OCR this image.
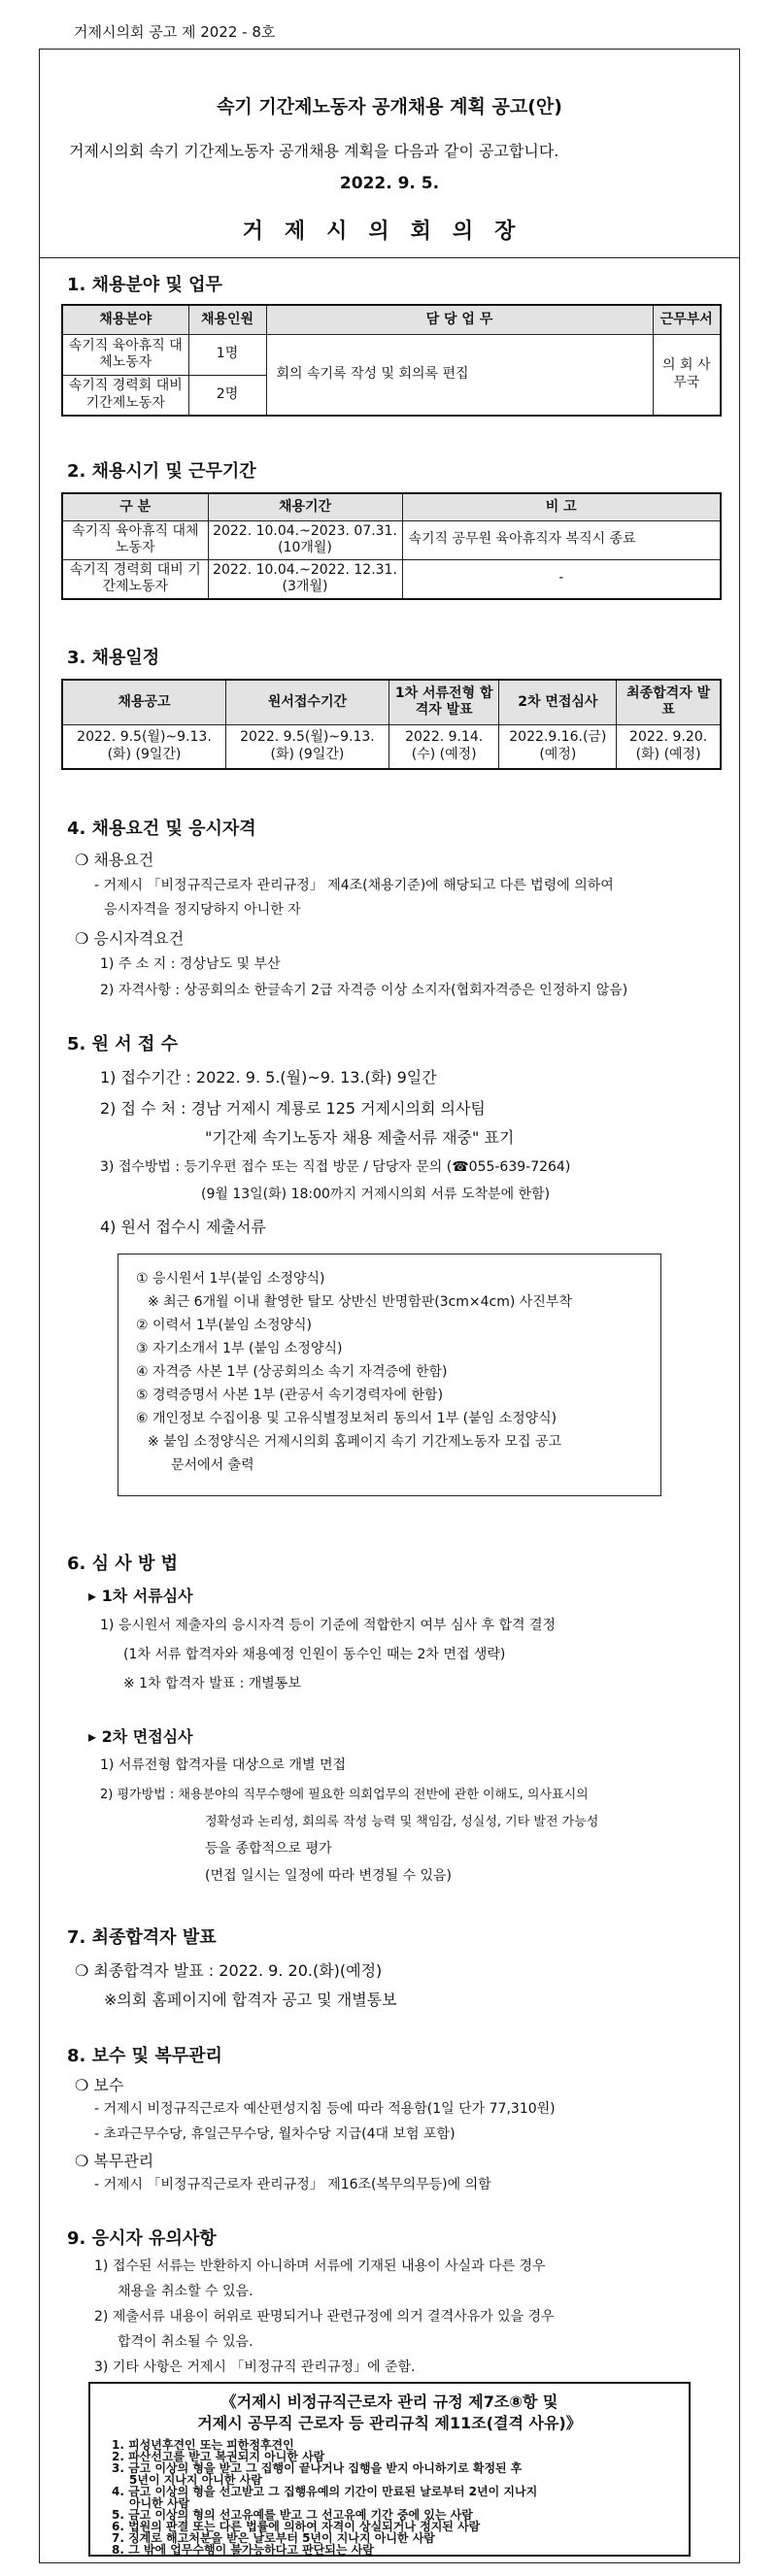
거제시의회 공고 제 2022 - 8호
속기 기간제노동자 공개채용 계획 공고(안)
거제시의회 속기 기간제노동자 공개채용 계획을 다음과 같이 공고합니다.
2022. 9. 5.
거제시의회의장
1. 채용분야 및 업무
채용분야	채용인원	담 당 업 무	근무부서
속기직 육아휴직 대체노동자	1명	회의 속기록 작성 및 회의록 편집	의 회 사무국
속기직 경력회 대비 기간제노동자	2명		
2. 채용시기 및 근무기간
구 분	채용기간	비 고
속기직 육아휴직 대체노동자	2022. 10.04.~2023. 07.31. (10개월)	속기직 공무원 육아휴직자 복직시 종료
속기직 경력회 대비 기간제노동자	2022. 10.04.~2022. 12.31. (3개월)	-
3. 채용일정
채용공고	원서접수기간	1차 서류전형 합격자 발표	2차 면접심사	최종합격자 발표
2022. 9.5(월)~9.13.(화) (9일간)	2022. 9.5(월)~9.13.(화) (9일간)	2022. 9.14.(수) (예정)	2022.9.16.(금) (예정)	2022. 9.20.(화) (예정)
4. 채용요건 및 응시자격
❍ 채용요건
- 거제시 「비정규직근로자 관리규정」 제4조(채용기준)에 해당되고 다른 법령에 의하여
응시자격을 정지당하지 아니한 자
❍ 응시자격요건
1) 주 소 지 : 경상남도 및 부산
2) 자격사항 : 상공회의소 한글속기 2급 자격증 이상 소지자(협회자격증은 인정하지 않음)
5. 원 서 접 수
1) 접수기간 : 2022. 9. 5.(월)~9. 13.(화) 9일간
2) 접 수 처 : 경남 거제시 계룡로 125 거제시의회 의사팀
"기간제 속기노동자 채용 제출서류 재중" 표기
3) 접수방법 : 등기우편 접수 또는 직접 방문 / 담당자 문의 (☎055-639-7264)
(9월 13일(화) 18:00까지 거제시의회 서류 도착분에 한함)
4) 원서 접수시 제출서류
① 응시원서 1부(붙임 소정양식)
※ 최근 6개월 이내 촬영한 탈모 상반신 반명함판(3cm×4cm) 사진부착
② 이력서 1부(붙임 소정양식)
③ 자기소개서 1부 (붙임 소정양식)
④ 자격증 사본 1부 (상공회의소 속기 자격증에 한함)
⑤ 경력증명서 사본 1부 (관공서 속기경력자에 한함)
⑥ 개인정보 수집이용 및 고유식별정보처리 동의서 1부 (붙임 소정양식)
※ 붙임 소정양식은 거제시의회 홈페이지 속기 기간제노동자 모집 공고
문서에서 출력
6. 심 사 방 법
▸ 1차 서류심사
1) 응시원서 제출자의 응시자격 등이 기준에 적합한지 여부 심사 후 합격 결정
(1차 서류 합격자와 채용예정 인원이 동수인 때는 2차 면접 생략)
※ 1차 합격자 발표 : 개별통보
▸ 2차 면접심사
1) 서류전형 합격자를 대상으로 개별 면접
2) 평가방법 : 채용분야의 직무수행에 필요한 의회업무의 전반에 관한 이해도, 의사표시의
정확성과 논리성, 회의록 작성 능력 및 책임감, 성실성, 기타 발전 가능성
등을 종합적으로 평가
(면접 일시는 일정에 따라 변경될 수 있음)
7. 최종합격자 발표
❍ 최종합격자 발표 : 2022. 9. 20.(화)(예정)
※의회 홈페이지에 합격자 공고 및 개별통보
8. 보수 및 복무관리
❍ 보수
- 거제시 비정규직근로자 예산편성지침 등에 따라 적용함(1일 단가 77,310원)
- 초과근무수당, 휴일근무수당, 월차수당 지급(4대 보험 포함)
❍ 복무관리
- 거제시 「비정규직근로자 관리규정」 제16조(복무의무등)에 의함
9. 응시자 유의사항
1) 접수된 서류는 반환하지 아니하며 서류에 기재된 내용이 사실과 다른 경우
채용을 취소할 수 있음.
2) 제출서류 내용이 허위로 판명되거나 관련규정에 의거 결격사유가 있을 경우
합격이 취소될 수 있음.
3) 기타 사항은 거제시 「비정규직 관리규정」에 준함.
《거제시 비정규직근로자 관리 규정 제7조⑧항 및
거제시 공무직 근로자 등 관리규칙 제11조(결격 사유)》
1. 피성년후견인 또는 피한정후견인
2. 파산선고를 받고 복권되지 아니한 사람
3. 금고 이상의 형을 받고 그 집행이 끝나거나 집행을 받지 아니하기로 확정된 후
5년이 지나지 아니한 사람
4. 금고 이상의 형을 선고받고 그 집행유예의 기간이 만료된 날로부터 2년이 지나지
아니한 사람
5. 금고 이상의 형의 선고유예를 받고 그 선고유예 기간 중에 있는 사람
6. 법원의 판결 또는 다른 법률에 의하여 자격이 상실되거나 정지된 사람
7. 징계로 해고처분을 받은 날로부터 5년이 지나지 아니한 사람
8. 그 밖에 업무수행이 불가능하다고 판단되는 사람
